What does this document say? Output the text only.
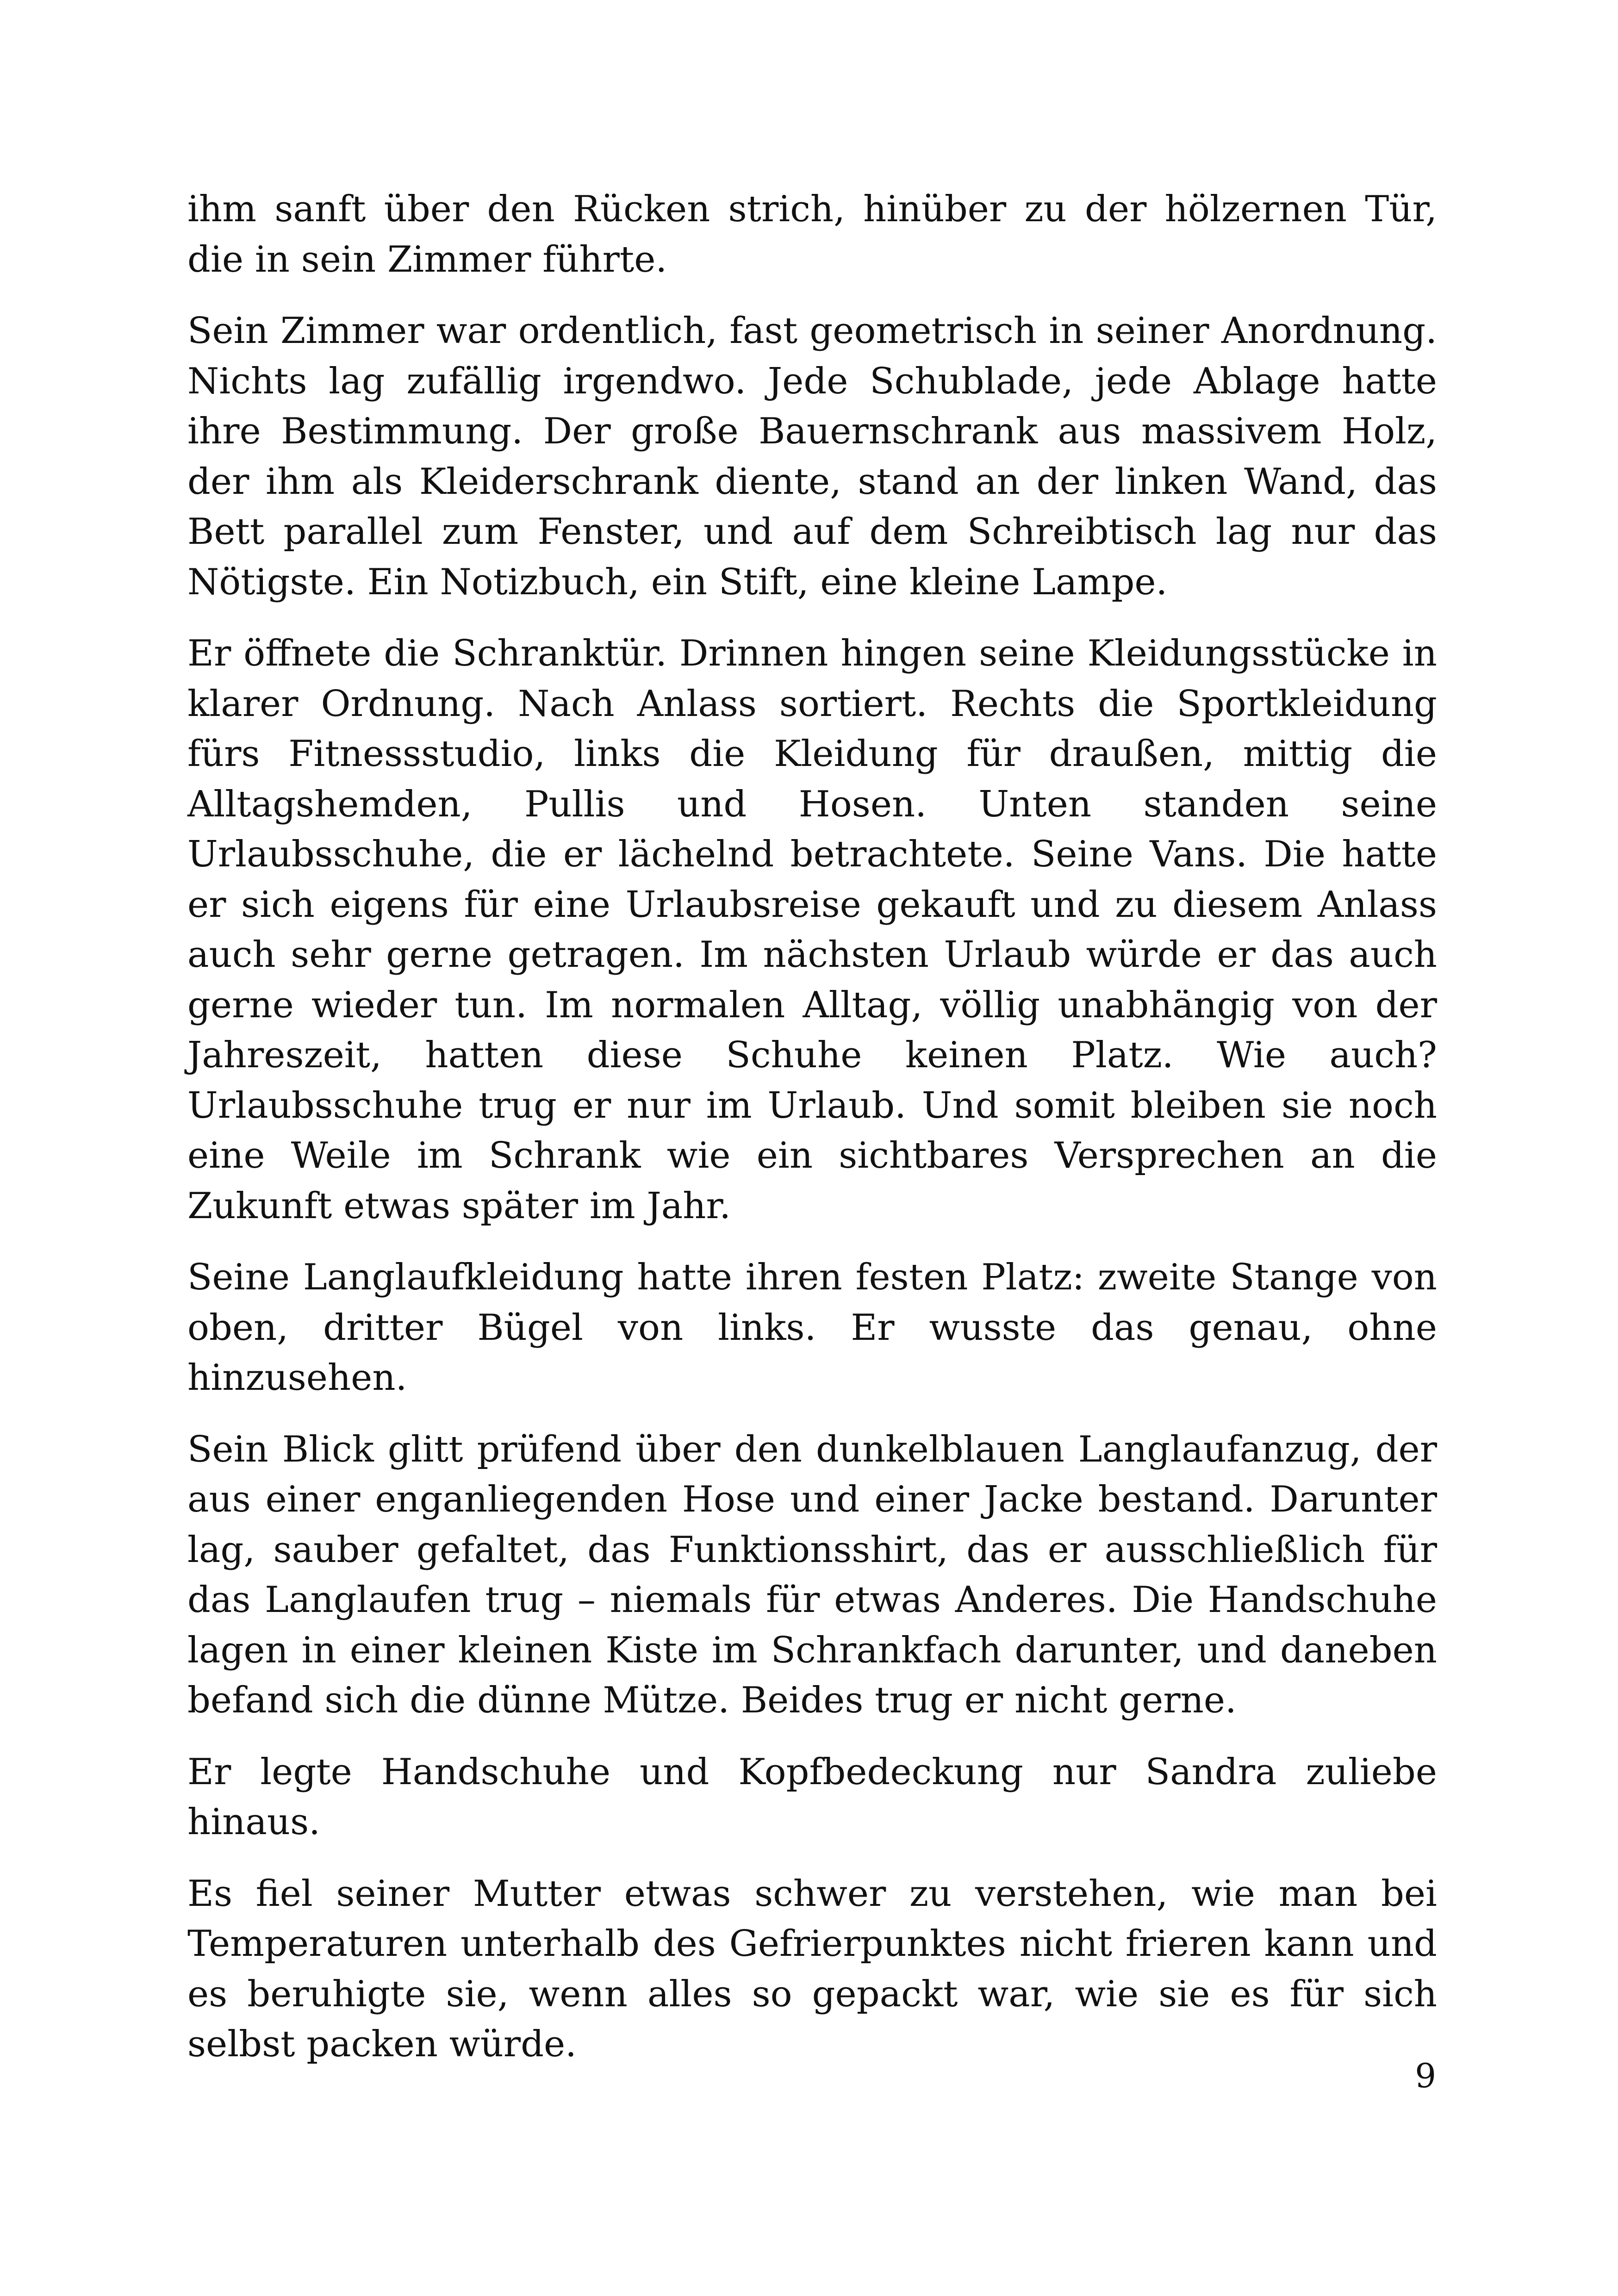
ihm sanft über den Rücken strich, hinüber zu der hölzernen Tür, die in sein Zimmer führte.

Sein Zimmer war ordentlich, fast geometrisch in seiner Anordnung. Nichts lag zufällig irgendwo. Jede Schublade, jede Ablage hatte ihre Bestimmung. Der große Bauernschrank aus massivem Holz, der ihm als Kleiderschrank diente, stand an der linken Wand, das Bett parallel zum Fenster, und auf dem Schreibtisch lag nur das Nötigste. Ein Notizbuch, ein Stift, eine kleine Lampe.

Er öffnete die Schranktür. Drinnen hingen seine Kleidungsstücke in klarer Ordnung. Nach Anlass sortiert. Rechts die Sportkleidung fürs Fitnessstudio, links die Kleidung für draußen, mittig die Alltagshemden, Pullis und Hosen. Unten standen seine Urlaubsschuhe, die er lächelnd betrachtete. Seine Vans. Die hatte er sich eigens für eine Urlaubsreise gekauft und zu diesem Anlass auch sehr gerne getragen. Im nächsten Urlaub würde er das auch gerne wieder tun. Im normalen Alltag, völlig unabhängig von der Jahreszeit, hatten diese Schuhe keinen Platz. Wie auch? Urlaubsschuhe trug er nur im Urlaub. Und somit bleiben sie noch eine Weile im Schrank wie ein sichtbares Versprechen an die Zukunft etwas später im Jahr.

Seine Langlaufkleidung hatte ihren festen Platz: zweite Stange von oben, dritter Bügel von links. Er wusste das genau, ohne hinzusehen.

Sein Blick glitt prüfend über den dunkelblauen Langlaufanzug, der aus einer enganliegenden Hose und einer Jacke bestand. Darunter lag, sauber gefaltet, das Funktionsshirt, das er ausschließlich für das Langlaufen trug – niemals für etwas Anderes. Die Handschuhe lagen in einer kleinen Kiste im Schrankfach darunter, und daneben befand sich die dünne Mütze. Beides trug er nicht gerne.

Er legte Handschuhe und Kopfbedeckung nur Sandra zuliebe hinaus.

Es fiel seiner Mutter etwas schwer zu verstehen, wie man bei Temperaturen unterhalb des Gefrierpunktes nicht frieren kann und es beruhigte sie, wenn alles so gepackt war, wie sie es für sich selbst packen würde.

9
